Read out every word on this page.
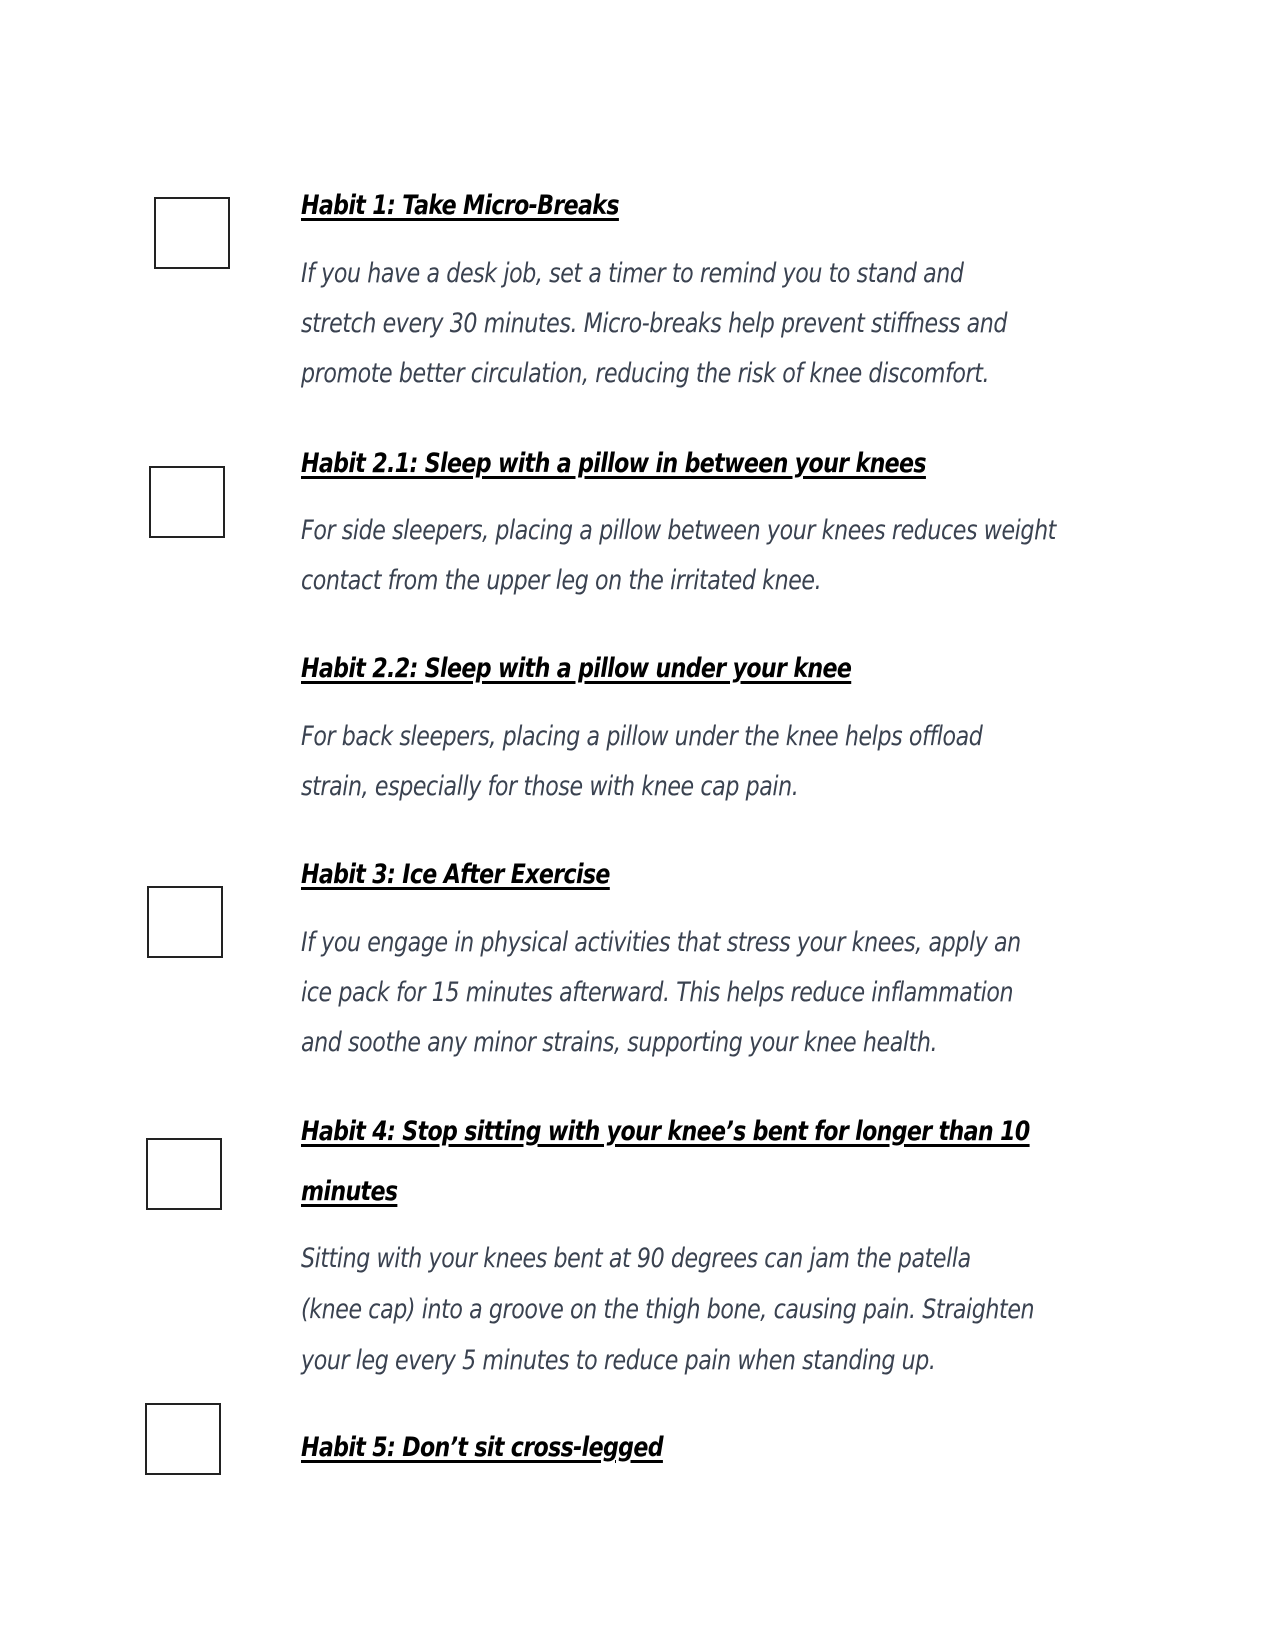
Habit 1: Take Micro-Breaks
If you have a desk job, set a timer to remind you to stand and
stretch every 30 minutes. Micro-breaks help prevent stiffness and
promote better circulation, reducing the risk of knee discomfort.
Habit 2.1: Sleep with a pillow in between your knees
For side sleepers, placing a pillow between your knees reduces weight
contact from the upper leg on the irritated knee.
Habit 2.2: Sleep with a pillow under your knee
For back sleepers, placing a pillow under the knee helps offload
strain, especially for those with knee cap pain.
Habit 3: Ice After Exercise
If you engage in physical activities that stress your knees, apply an
ice pack for 15 minutes afterward. This helps reduce inflammation
and soothe any minor strains, supporting your knee health.
Habit 4: Stop sitting with your knee’s bent for longer than 10
minutes
Sitting with your knees bent at 90 degrees can jam the patella
(knee cap) into a groove on the thigh bone, causing pain. Straighten
your leg every 5 minutes to reduce pain when standing up.
Habit 5: Don’t sit cross-legged
